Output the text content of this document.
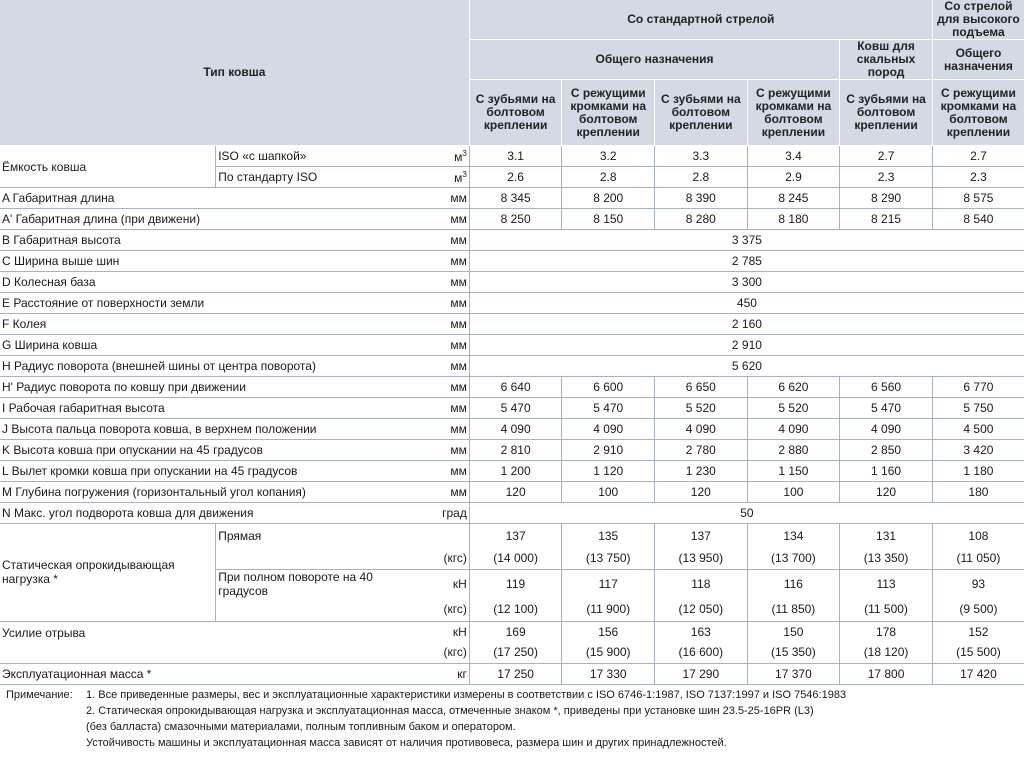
Тип ковша			Со стандартной стрелой					Со стрелой для высокого подъема
			Общего назначения				Ковш для скальных пород	Общего назначения
			С зубьями на болтовом креплении	С режущими кромками на болтовом креплении	С зубьями на болтовом креплении	С режущими кромками на болтовом креплении	С зубьями на болтовом креплении	С режущими кромками на болтовом креплении
Ёмкость ковша	ISO «с шапкой»	$м^3$	3.1	3.2	3.3	3.4	2.7	2.7
	По стандарту ISO	$м^3$	2.6	2.8	2.8	2.9	2.3	2.3
A Габаритная длина		мм	8 345	8 200	8 390	8 245	8 290	8 575
A' Габаритная длина (при движени)		мм	8 250	8 150	8 280	8 180	8 215	8 540
B Габаритная высота		мм	3 375					
C Ширина выше шин		мм	2 785					
D Колесная база		мм	3 300					
E Расстояние от поверхности земли		мм	450					
F Колея		мм	2 160					
G Ширина ковша		мм	2 910					
H Радиус поворота (внешней шины от центра поворота)		мм	5 620					
H' Радиус поворота по ковшу при движении		мм	6 640	6 600	6 650	6 620	6 560	6 770
I Рабочая габаритная высота		мм	5 470	5 470	5 520	5 520	5 470	5 750
J Высота пальца поворота ковша, в верхнем положении		мм	4 090	4 090	4 090	4 090	4 090	4 500
K Высота ковша при опускании на 45 градусов		мм	2 810	2 910	2 780	2 880	2 850	3 420
L Вылет кромки ковша при опускании на 45 градусов		мм	1 200	1 120	1 230	1 150	1 160	1 180
M Глубина погружения (горизонтальный угол копания)		мм	120	100	120	100	120	180
N Макс. угол подворота ковша для движения		град	50					
Статическая опрокидывающая нагрузка *	Прямая		137	135	137	134	131	108
		(кгс)	(14 000)	(13 750)	(13 950)	(13 700)	(13 350)	(11 050)
	При полном повороте на 40 градусов	кН	119	117	118	116	113	93
		(кгс)	(12 100)	(11 900)	(12 050)	(11 850)	(11 500)	(9 500)
Усилие отрыва		кН	169	156	163	150	178	152
		(кгс)	(17 250)	(15 900)	(16 600)	(15 350)	(18 120)	(15 500)
Эксплуатационная масса *		кг	17 250	17 330	17 290	17 370	17 800	17 420
Примечание:	1. Все приведенные размеры, вес и эксплуатационные характеристики измерены в соответствии с ISO 6746-1:1987, ISO 7137:1997 и ISO 7546:1983
2. Статическая опрокидывающая нагрузка и эксплуатационная масса, отмеченные знаком *, приведены при установке шин 23.5-25-16PR (L3)
(без балласта) смазочными материалами, полным топливным баком и оператором.
Устойчивость машины и эксплуатационная масса зависят от наличия противовеса, размера шин и других принадлежностей.
